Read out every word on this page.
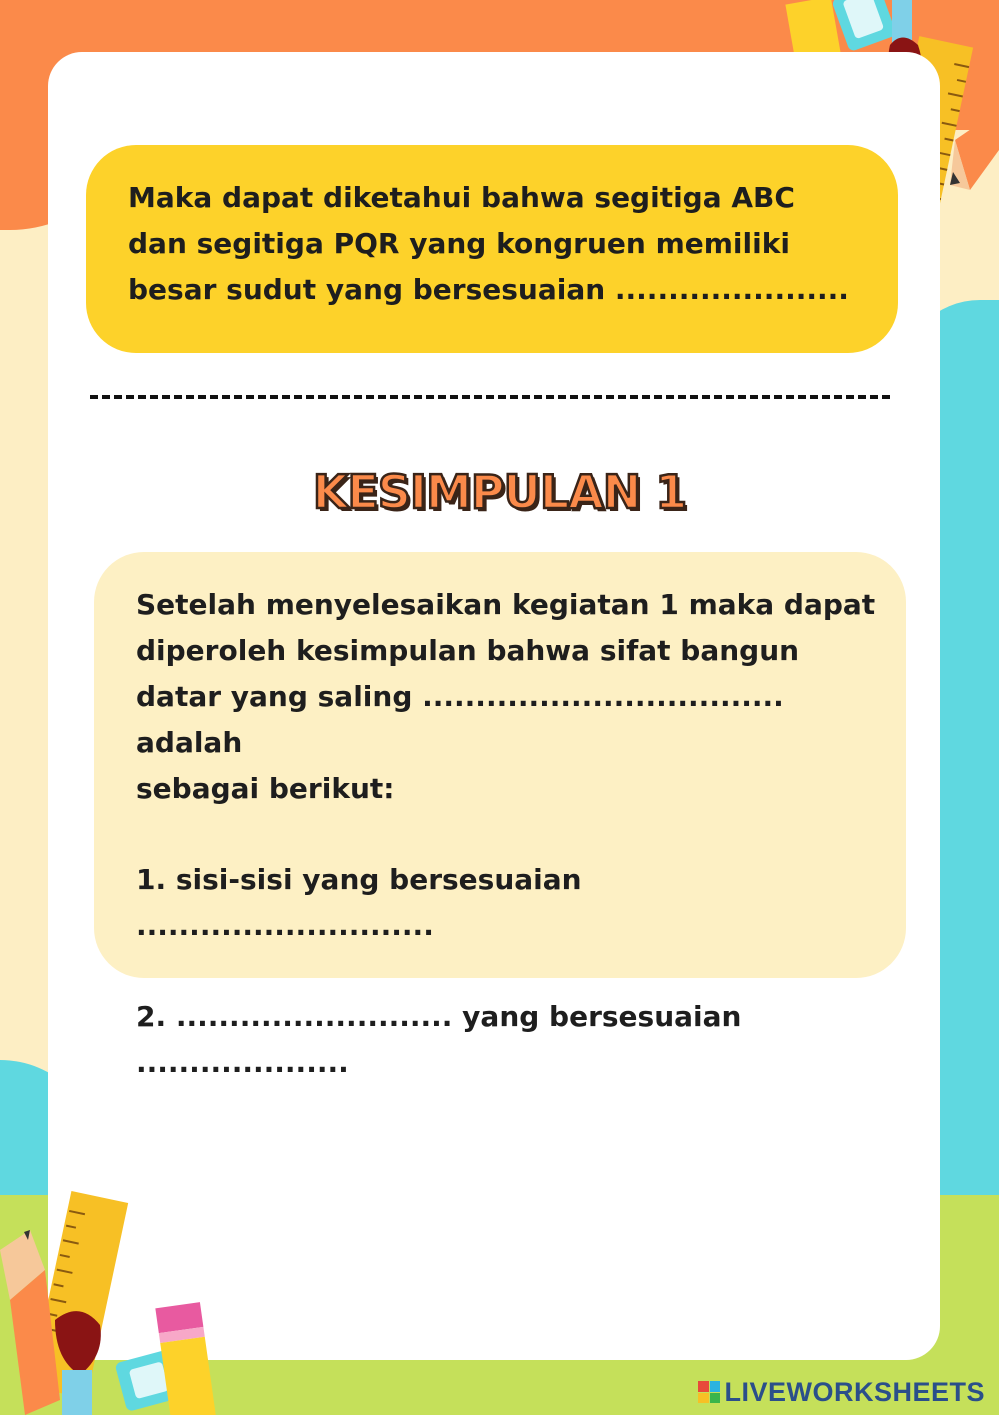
Maka dapat diketahui bahwa segitiga ABC

dan segitiga PQR yang kongruen memiliki

besar sudut yang bersesuaian ......................

KESIMPULAN 1

Setelah menyelesaikan kegiatan 1 maka dapat

diperoleh kesimpulan bahwa sifat bangun

datar yang saling .................................. adalah

sebagai berikut:

1. sisi-sisi yang bersesuaian ............................

2. .......................... yang bersesuaian ....................

LIVEWORKSHEETS
